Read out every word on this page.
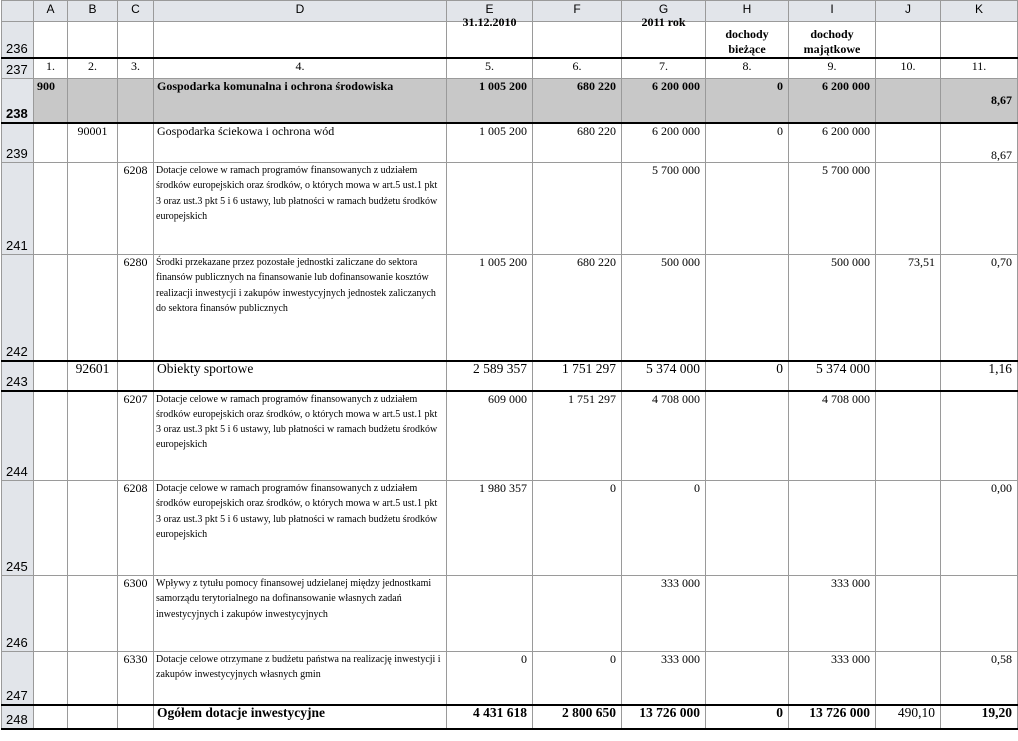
	A	B	C	D	E	F	G	H	I	J	K
236					31.12.2010		2011 rok	dochody bieżące	dochody majątkowe		
237	1.	2.	3.	4.	5.	6.	7.	8.	9.	10.	11.
238	900			Gospodarka komunalna i ochrona środowiska	1 005 200	680 220	6 200 000	0	6 200 000		8,67
239		90001		Gospodarka ściekowa i ochrona wód	1 005 200	680 220	6 200 000	0	6 200 000		8,67
241			6208	Dotacje celowe w ramach programów finansowanych z udziałem środków europejskich oraz środków, o których mowa w art.5 ust.1 pkt 3 oraz ust.3 pkt 5 i 6 ustawy, lub płatności w ramach budżetu środków europejskich			5 700 000		5 700 000		
242			6280	Środki przekazane przez pozostałe jednostki zaliczane do sektora finansów publicznych na finansowanie lub dofinansowanie kosztów realizacji inwestycji i zakupów inwestycyjnych jednostek zaliczanych do sektora finansów publicznych	1 005 200	680 220	500 000		500 000	73,51	0,70
243		92601		Obiekty sportowe	2 589 357	1 751 297	5 374 000	0	5 374 000		1,16
244			6207	Dotacje celowe w ramach programów finansowanych z udziałem środków europejskich oraz środków, o których mowa w art.5 ust.1 pkt 3 oraz ust.3 pkt 5 i 6 ustawy, lub płatności w ramach budżetu środków europejskich	609 000	1 751 297	4 708 000		4 708 000		
245			6208	Dotacje celowe w ramach programów finansowanych z udziałem środków europejskich oraz środków, o których mowa w art.5 ust.1 pkt 3 oraz ust.3 pkt 5 i 6 ustawy, lub płatności w ramach budżetu środków europejskich	1 980 357	0	0				0,00
246			6300	Wpływy z tytułu pomocy finansowej udzielanej między jednostkami samorządu terytorialnego na dofinansowanie własnych zadań inwestycyjnych i zakupów inwestycyjnych			333 000		333 000		
247			6330	Dotacje celowe otrzymane z budżetu państwa na realizację inwestycji i zakupów inwestycyjnych własnych gmin	0	0	333 000		333 000		0,58
248				Ogółem dotacje inwestycyjne	4 431 618	2 800 650	13 726 000	0	13 726 000	490,10	19,20
